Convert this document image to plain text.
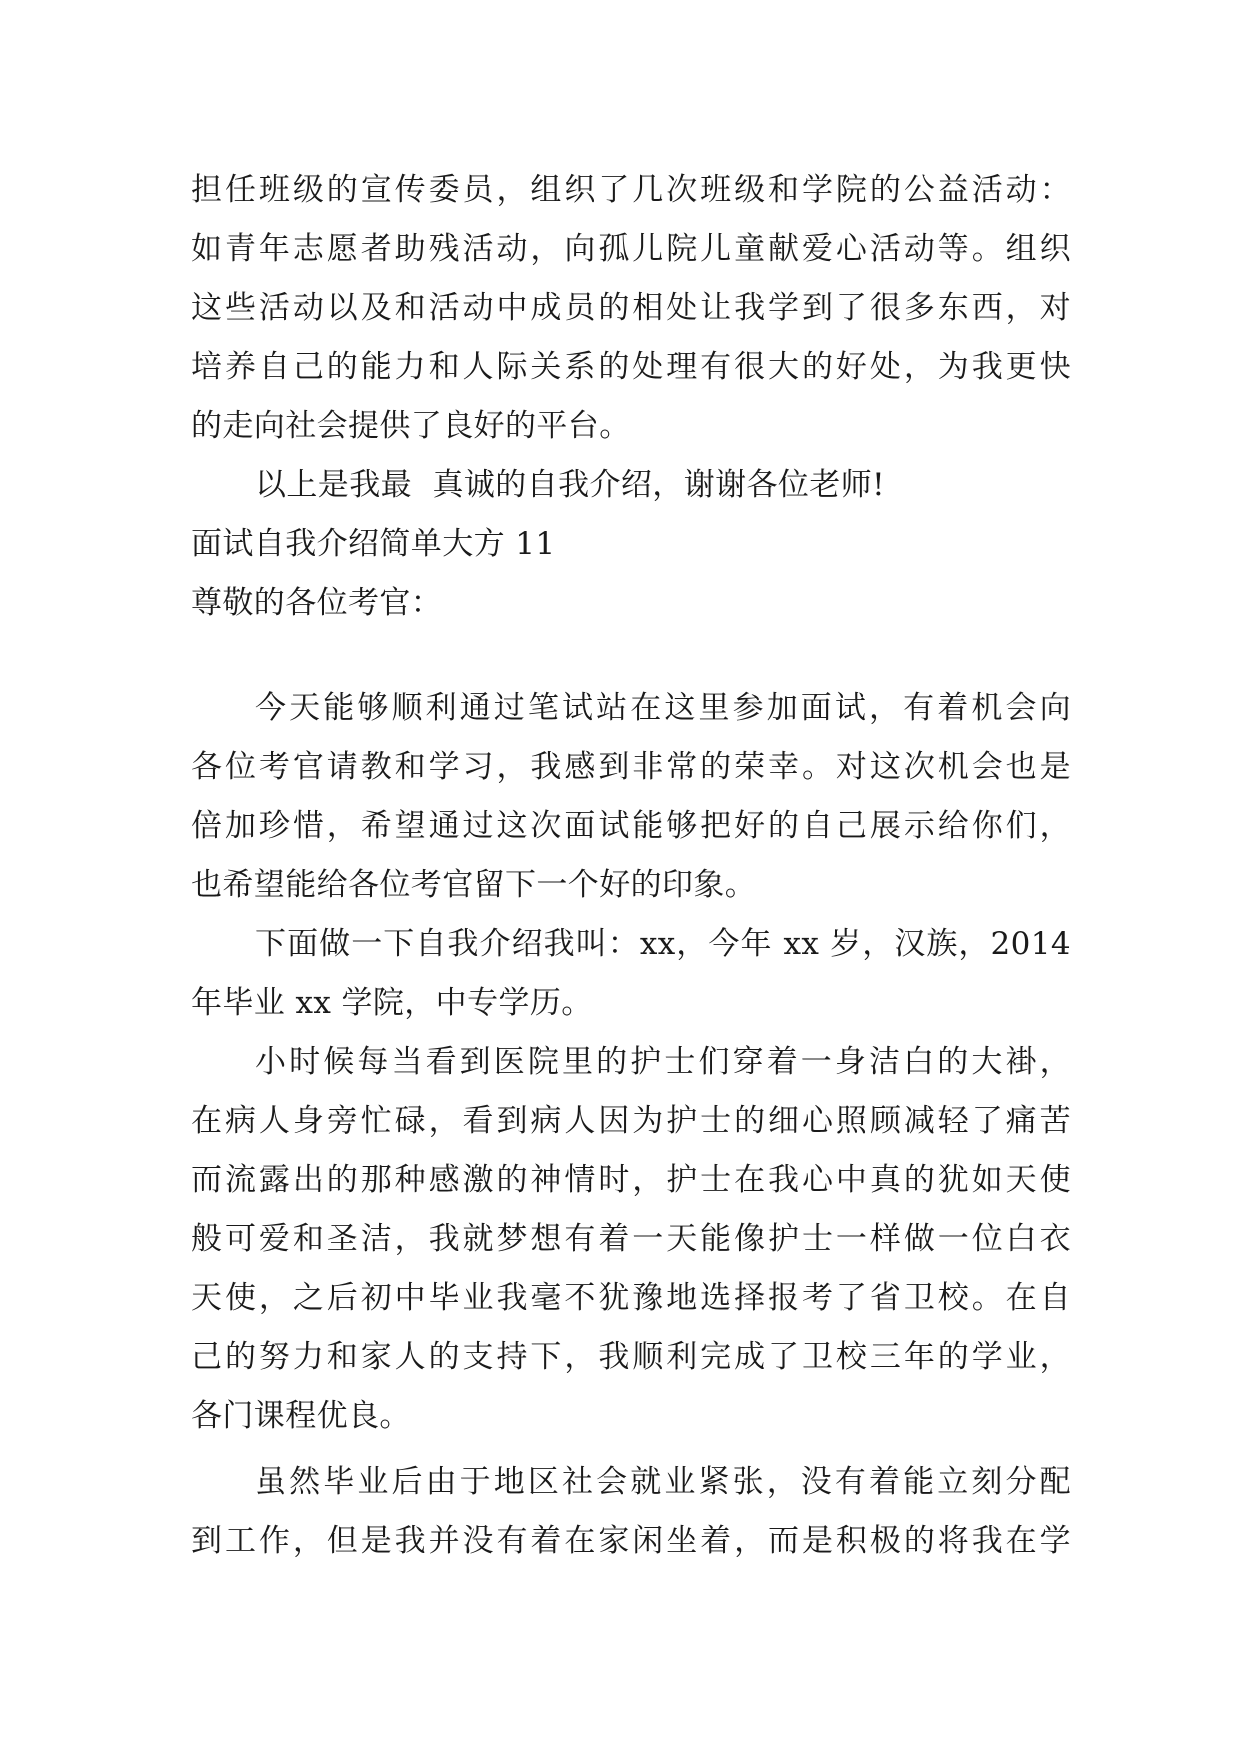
担任班级的宣传委员，组织了几次班级和学院的公益活动：

如青年志愿者助残活动，向孤儿院儿童献爱心活动等。组织

这些活动以及和活动中成员的相处让我学到了很多东西，对

培养自己的能力和人际关系的处理有很大的好处，为我更快

的走向社会提供了良好的平台。

以上是我最  真诚的自我介绍，谢谢各位老师!

面试自我介绍简单大方 11

尊敬的各位考官：

今天能够顺利通过笔试站在这里参加面试，有着机会向

各位考官请教和学习，我感到非常的荣幸。对这次机会也是

倍加珍惜，希望通过这次面试能够把好的自己展示给你们，

也希望能给各位考官留下一个好的印象。

下面做一下自我介绍我叫：xx，今年 xx 岁，汉族，2014

年毕业 xx 学院，中专学历。

小时候每当看到医院里的护士们穿着一身洁白的大褂，

在病人身旁忙碌，看到病人因为护士的细心照顾减轻了痛苦

而流露出的那种感激的神情时，护士在我心中真的犹如天使

般可爱和圣洁，我就梦想有着一天能像护士一样做一位白衣

天使，之后初中毕业我毫不犹豫地选择报考了省卫校。在自

己的努力和家人的支持下，我顺利完成了卫校三年的学业，

各门课程优良。

虽然毕业后由于地区社会就业紧张，没有着能立刻分配

到工作，但是我并没有着在家闲坐着，而是积极的将我在学
